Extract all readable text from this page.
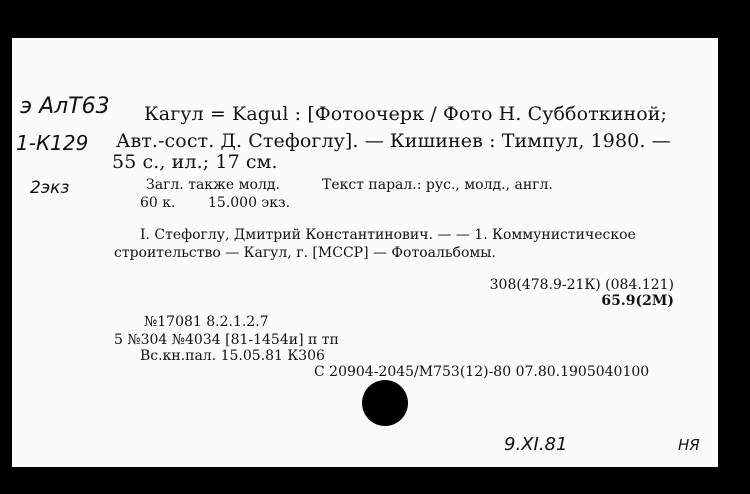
э АлТ63
1-К129
2экз
Кагул = Kagul : [Фотоочерк / Фото Н. Субботкиной;
Авт.-сост. Д. Стефоглу]. — Кишинев : Тимпул, 1980. —
55 с., ил.; 17 см.
Загл. также молд.	Текст парал.: рус., молд., англ.
60 к. 15.000 экз.
I. Стефоглу, Дмитрий Константинович. — — 1. Коммунистическое
строительство — Кагул, г. [МССР] — Фотоальбомы.
308(478.9-21К) (084.121)
65.9(2М)
№17081 8.2.1.2.7
5 №304 №4034 [81-1454и] п тп
Вс.кн.пал. 15.05.81 К306
С 20904-2045/М753(12)-80 07.80.1905040100
9.XI.81	НЯ
